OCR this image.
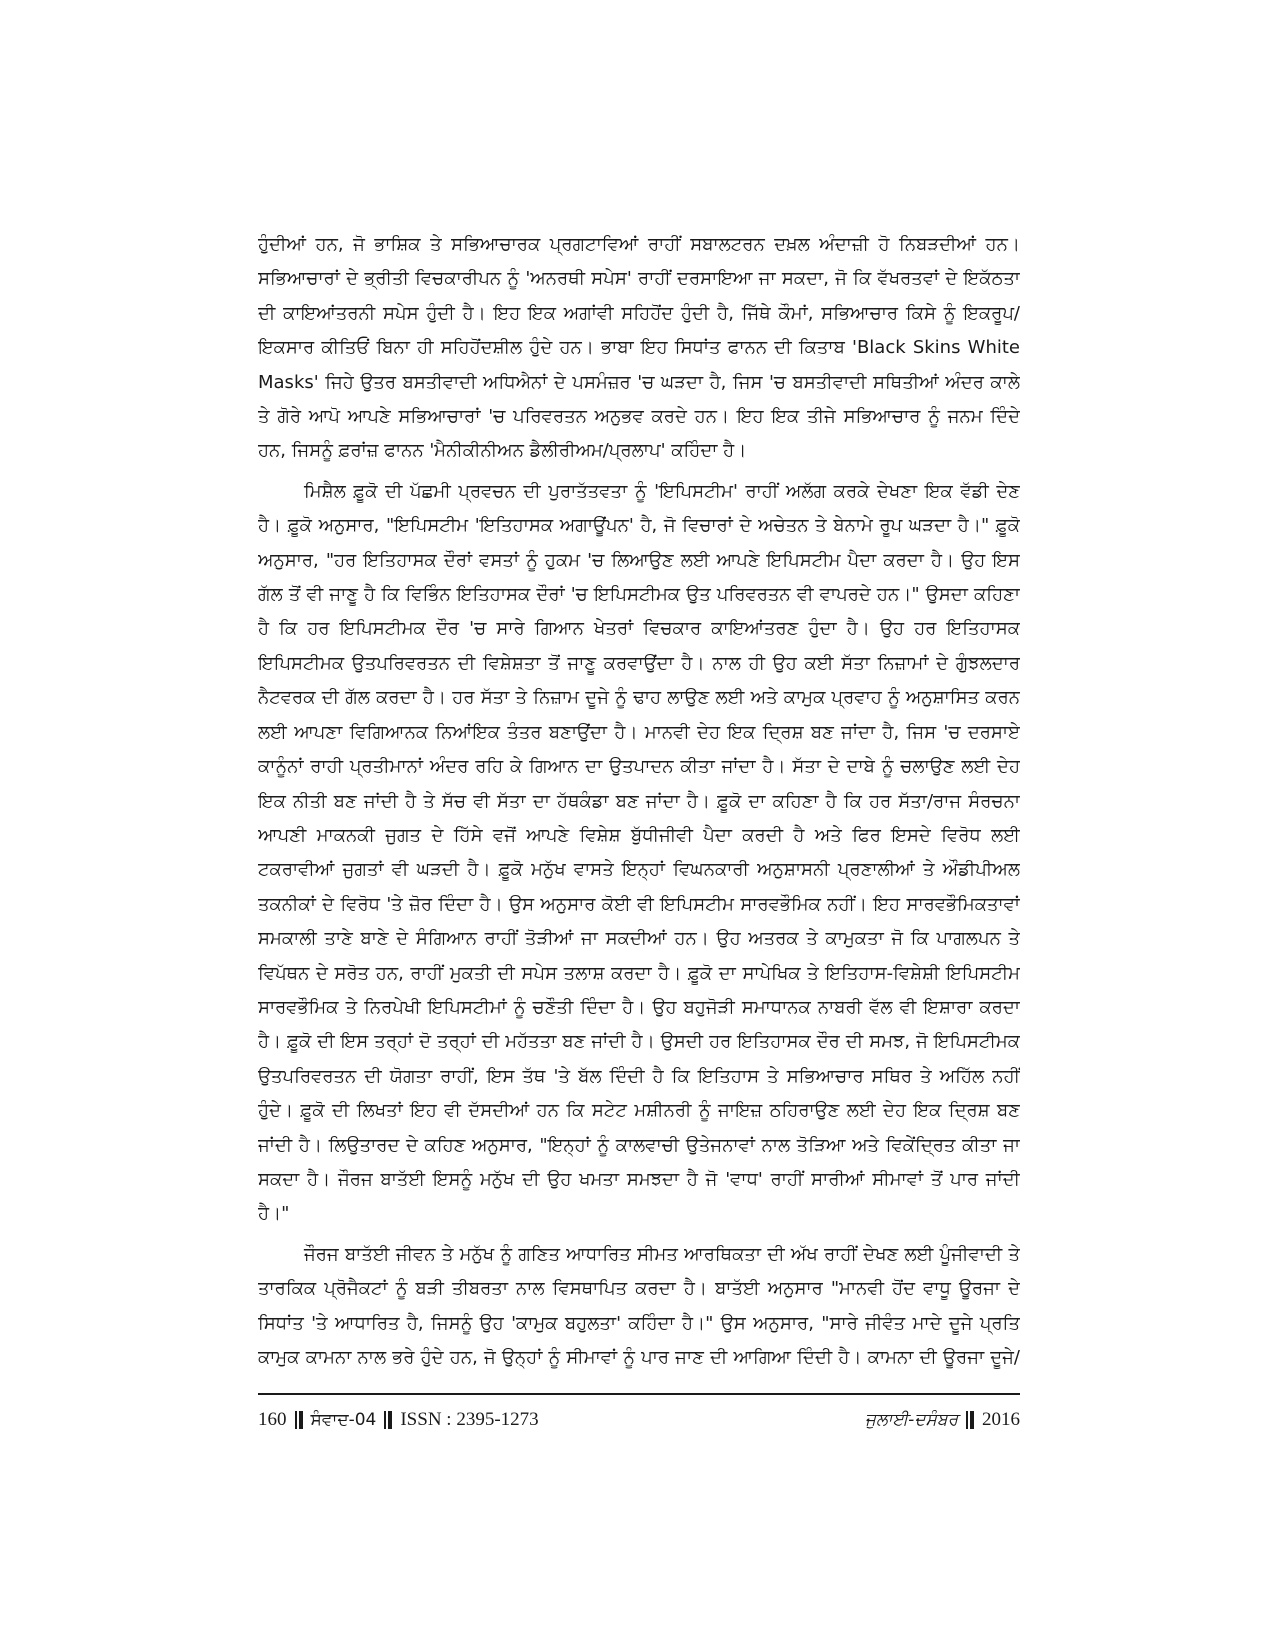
ਹੁੰਦੀਆਂ ਹਨ, ਜੋ ਭਾਸ਼ਿਕ ਤੇ ਸਭਿਆਚਾਰਕ ਪ੍ਰਗਟਾਵਿਆਂ ਰਾਹੀਂ ਸਬਾਲਟਰਨ ਦਖ਼ਲ ਅੰਦਾਜ਼ੀ ਹੋ ਨਿਬੜਦੀਆਂ ਹਨ। ਸਭਿਆਚਾਰਾਂ ਦੇ ਭ੍ਰੀਤੀ ਵਿਚਕਾਰੀਪਨ ਨੂੰ 'ਅਨਰਥੀ ਸਪੇਸ' ਰਾਹੀਂ ਦਰਸਾਇਆ ਜਾ ਸਕਦਾ, ਜੋ ਕਿ ਵੱਖਰਤਵਾਂ ਦੇ ਇਕੱਠਤਾ ਦੀ ਕਾਇਆਂਤਰਨੀ ਸਪੇਸ ਹੁੰਦੀ ਹੈ। ਇਹ ਇਕ ਅਗਾਂਵੀ ਸਹਿਹੋਂਦ ਹੁੰਦੀ ਹੈ, ਜਿੱਥੇ ਕੌਮਾਂ, ਸਭਿਆਚਾਰ ਕਿਸੇ ਨੂੰ ਇਕਰੂਪ/ਇਕਸਾਰ ਕੀਤਿਓਂ ਬਿਨਾ ਹੀ ਸਹਿਹੋਂਦਸ਼ੀਲ ਹੁੰਦੇ ਹਨ। ਭਾਬਾ ਇਹ ਸਿਧਾਂਤ ਫਾਨਨ ਦੀ ਕਿਤਾਬ 'Black Skins White Masks' ਜਿਹੇ ਉਤਰ ਬਸਤੀਵਾਦੀ ਅਧਿਐਨਾਂ ਦੇ ਪਸਮੰਜ਼ਰ 'ਚ ਘੜਦਾ ਹੈ, ਜਿਸ 'ਚ ਬਸਤੀਵਾਦੀ ਸਥਿਤੀਆਂ ਅੰਦਰ ਕਾਲੇ ਤੇ ਗੋਰੇ ਆਪੋ ਆਪਣੇ ਸਭਿਆਚਾਰਾਂ 'ਚ ਪਰਿਵਰਤਨ ਅਨੁਭਵ ਕਰਦੇ ਹਨ। ਇਹ ਇਕ ਤੀਜੇ ਸਭਿਆਚਾਰ ਨੂੰ ਜਨਮ ਦਿੰਦੇ ਹਨ, ਜਿਸਨੂੰ ਫ਼ਰਾਂਜ਼ ਫਾਨਨ 'ਮੈਨੀਕੀਨੀਅਨ ਡੈਲੀਰੀਅਮ/ਪ੍ਰਲਾਪ' ਕਹਿੰਦਾ ਹੈ।

ਮਿਸ਼ੈਲ ਫ਼ੂਕੋ ਦੀ ਪੱਛਮੀ ਪ੍ਰਵਚਨ ਦੀ ਪੁਰਾਤੱਤਵਤਾ ਨੂੰ 'ਇਪਿਸਟੀਮ' ਰਾਹੀਂ ਅਲੱਗ ਕਰਕੇ ਦੇਖਣਾ ਇਕ ਵੱਡੀ ਦੇਣ ਹੈ। ਫ਼ੂਕੋ ਅਨੁਸਾਰ, "ਇਪਿਸਟੀਮ 'ਇਤਿਹਾਸਕ ਅਗਾਊਂਪਨ' ਹੈ, ਜੋ ਵਿਚਾਰਾਂ ਦੇ ਅਚੇਤਨ ਤੇ ਬੇਨਾਮੇ ਰੂਪ ਘੜਦਾ ਹੈ।" ਫ਼ੂਕੋ ਅਨੁਸਾਰ, "ਹਰ ਇਤਿਹਾਸਕ ਦੌਰਾਂ ਵਸਤਾਂ ਨੂੰ ਹੁਕਮ 'ਚ ਲਿਆਉਣ ਲਈ ਆਪਣੇ ਇਪਿਸਟੀਮ ਪੈਦਾ ਕਰਦਾ ਹੈ। ਉਹ ਇਸ ਗੱਲ ਤੋਂ ਵੀ ਜਾਣੂ ਹੈ ਕਿ ਵਿਭਿੰਨ ਇਤਿਹਾਸਕ ਦੌਰਾਂ 'ਚ ਇਪਿਸਟੀਮਕ ਉਤ ਪਰਿਵਰਤਨ ਵੀ ਵਾਪਰਦੇ ਹਨ।" ਉਸਦਾ ਕਹਿਣਾ ਹੈ ਕਿ ਹਰ ਇਪਿਸਟੀਮਕ ਦੌਰ 'ਚ ਸਾਰੇ ਗਿਆਨ ਖੇਤਰਾਂ ਵਿਚਕਾਰ ਕਾਇਆਂਤਰਣ ਹੁੰਦਾ ਹੈ। ਉਹ ਹਰ ਇਤਿਹਾਸਕ ਇਪਿਸਟੀਮਕ ਉਤਪਰਿਵਰਤਨ ਦੀ ਵਿਸ਼ੇਸ਼ਤਾ ਤੋਂ ਜਾਣੂ ਕਰਵਾਉਂਦਾ ਹੈ। ਨਾਲ ਹੀ ਉਹ ਕਈ ਸੱਤਾ ਨਿਜ਼ਾਮਾਂ ਦੇ ਗੁੰਝਲਦਾਰ ਨੈਟਵਰਕ ਦੀ ਗੱਲ ਕਰਦਾ ਹੈ। ਹਰ ਸੱਤਾ ਤੇ ਨਿਜ਼ਾਮ ਦੂਜੇ ਨੂੰ ਢਾਹ ਲਾਉਣ ਲਈ ਅਤੇ ਕਾਮੁਕ ਪ੍ਰਵਾਹ ਨੂੰ ਅਨੁਸ਼ਾਸਿਤ ਕਰਨ ਲਈ ਆਪਣਾ ਵਿਗਿਆਨਕ ਨਿਆਂਇਕ ਤੰਤਰ ਬਣਾਉਂਦਾ ਹੈ। ਮਾਨਵੀ ਦੇਹ ਇਕ ਦ੍ਰਿਸ਼ ਬਣ ਜਾਂਦਾ ਹੈ, ਜਿਸ 'ਚ ਦਰਸਾਏ ਕਾਨੂੰਨਾਂ ਰਾਹੀ ਪ੍ਰਤੀਮਾਨਾਂ ਅੰਦਰ ਰਹਿ ਕੇ ਗਿਆਨ ਦਾ ਉਤਪਾਦਨ ਕੀਤਾ ਜਾਂਦਾ ਹੈ। ਸੱਤਾ ਦੇ ਦਾਬੇ ਨੂੰ ਚਲਾਉਣ ਲਈ ਦੇਹ ਇਕ ਨੀਤੀ ਬਣ ਜਾਂਦੀ ਹੈ ਤੇ ਸੱਚ ਵੀ ਸੱਤਾ ਦਾ ਹੱਥਕੰਡਾ ਬਣ ਜਾਂਦਾ ਹੈ। ਫ਼ੂਕੋ ਦਾ ਕਹਿਣਾ ਹੈ ਕਿ ਹਰ ਸੱਤਾ/ਰਾਜ ਸੰਰਚਨਾ ਆਪਣੀ ਮਾਕਨਕੀ ਜੁਗਤ ਦੇ ਹਿੱਸੇ ਵਜੋਂ ਆਪਣੇ ਵਿਸ਼ੇਸ਼ ਬੁੱਧੀਜੀਵੀ ਪੈਦਾ ਕਰਦੀ ਹੈ ਅਤੇ ਫਿਰ ਇਸਦੇ ਵਿਰੋਧ ਲਈ ਟਕਰਾਵੀਆਂ ਜੁਗਤਾਂ ਵੀ ਘੜਦੀ ਹੈ। ਫ਼ੂਕੋ ਮਨੁੱਖ ਵਾਸਤੇ ਇਨ੍ਹਾਂ ਵਿਘਨਕਾਰੀ ਅਨੁਸ਼ਾਸਨੀ ਪ੍ਰਣਾਲੀਆਂ ਤੇ ਔਡੀਪੀਅਲ ਤਕਨੀਕਾਂ ਦੇ ਵਿਰੋਧ 'ਤੇ ਜ਼ੋਰ ਦਿੰਦਾ ਹੈ। ਉਸ ਅਨੁਸਾਰ ਕੋਈ ਵੀ ਇਪਿਸਟੀਮ ਸਾਰਵਭੌਮਿਕ ਨਹੀਂ। ਇਹ ਸਾਰਵਭੌਮਿਕਤਾਵਾਂ ਸਮਕਾਲੀ ਤਾਣੇ ਬਾਣੇ ਦੇ ਸੰਗਿਆਨ ਰਾਹੀਂ ਤੋੜੀਆਂ ਜਾ ਸਕਦੀਆਂ ਹਨ। ਉਹ ਅਤਰਕ ਤੇ ਕਾਮੁਕਤਾ ਜੋ ਕਿ ਪਾਗਲਪਨ ਤੇ ਵਿਪੱਥਨ ਦੇ ਸਰੋਤ ਹਨ, ਰਾਹੀਂ ਮੁਕਤੀ ਦੀ ਸਪੇਸ ਤਲਾਸ਼ ਕਰਦਾ ਹੈ। ਫ਼ੂਕੋ ਦਾ ਸਾਪੇਖਿਕ ਤੇ ਇਤਿਹਾਸ-ਵਿਸ਼ੇਸ਼ੀ ਇਪਿਸਟੀਮ ਸਾਰਵਭੌਮਿਕ ਤੇ ਨਿਰਪੇਖੀ ਇਪਿਸਟੀਮਾਂ ਨੂੰ ਚਣੌਤੀ ਦਿੰਦਾ ਹੈ। ਉਹ ਬਹੁਜੋੜੀ ਸਮਾਧਾਨਕ ਨਾਬਰੀ ਵੱਲ ਵੀ ਇਸ਼ਾਰਾ ਕਰਦਾ ਹੈ। ਫ਼ੂਕੋ ਦੀ ਇਸ ਤਰ੍ਹਾਂ ਦੋ ਤਰ੍ਹਾਂ ਦੀ ਮਹੱਤਤਾ ਬਣ ਜਾਂਦੀ ਹੈ। ਉਸਦੀ ਹਰ ਇਤਿਹਾਸਕ ਦੌਰ ਦੀ ਸਮਝ, ਜੋ ਇਪਿਸਟੀਮਕ ਉਤਪਰਿਵਰਤਨ ਦੀ ਯੋਗਤਾ ਰਾਹੀਂ, ਇਸ ਤੱਥ 'ਤੇ ਬੱਲ ਦਿੰਦੀ ਹੈ ਕਿ ਇਤਿਹਾਸ ਤੇ ਸਭਿਆਚਾਰ ਸਥਿਰ ਤੇ ਅਹਿੱਲ ਨਹੀਂ ਹੁੰਦੇ। ਫ਼ੂਕੋ ਦੀ ਲਿਖਤਾਂ ਇਹ ਵੀ ਦੱਸਦੀਆਂ ਹਨ ਕਿ ਸਟੇਟ ਮਸ਼ੀਨਰੀ ਨੂੰ ਜਾਇਜ਼ ਠਹਿਰਾਉਣ ਲਈ ਦੇਹ ਇਕ ਦ੍ਰਿਸ਼ ਬਣ ਜਾਂਦੀ ਹੈ। ਲਿਉਤਾਰਦ ਦੇ ਕਹਿਣ ਅਨੁਸਾਰ, "ਇਨ੍ਹਾਂ ਨੂੰ ਕਾਲਵਾਚੀ ਉਤੇਜਨਾਵਾਂ ਨਾਲ ਤੋੜਿਆ ਅਤੇ ਵਿਕੇਂਦ੍ਰਿਤ ਕੀਤਾ ਜਾ ਸਕਦਾ ਹੈ। ਜੌਰਜ ਬਾਤੱਈ ਇਸਨੂੰ ਮਨੁੱਖ ਦੀ ਉਹ ਖਮਤਾ ਸਮਝਦਾ ਹੈ ਜੋ 'ਵਾਧ' ਰਾਹੀਂ ਸਾਰੀਆਂ ਸੀਮਾਵਾਂ ਤੋਂ ਪਾਰ ਜਾਂਦੀ ਹੈ।"

ਜੌਰਜ ਬਾਤੱਈ ਜੀਵਨ ਤੇ ਮਨੁੱਖ ਨੂੰ ਗਣਿਤ ਆਧਾਰਿਤ ਸੀਮਤ ਆਰਥਿਕਤਾ ਦੀ ਅੱਖ ਰਾਹੀਂ ਦੇਖਣ ਲਈ ਪੂੰਜੀਵਾਦੀ ਤੇ ਤਾਰਕਿਕ ਪ੍ਰੋਜੈਕਟਾਂ ਨੂੰ ਬੜੀ ਤੀਬਰਤਾ ਨਾਲ ਵਿਸਥਾਪਿਤ ਕਰਦਾ ਹੈ। ਬਾਤੱਈ ਅਨੁਸਾਰ "ਮਾਨਵੀ ਹੋਂਦ ਵਾਧੂ ਊਰਜਾ ਦੇ ਸਿਧਾਂਤ 'ਤੇ ਆਧਾਰਿਤ ਹੈ, ਜਿਸਨੂੰ ਉਹ 'ਕਾਮੁਕ ਬਹੁਲਤਾ' ਕਹਿੰਦਾ ਹੈ।" ਉਸ ਅਨੁਸਾਰ, "ਸਾਰੇ ਜੀਵੰਤ ਮਾਦੇ ਦੂਜੇ ਪ੍ਰਤਿ ਕਾਮੁਕ ਕਾਮਨਾ ਨਾਲ ਭਰੇ ਹੁੰਦੇ ਹਨ, ਜੋ ਉਨ੍ਹਾਂ ਨੂੰ ਸੀਮਾਵਾਂ ਨੂੰ ਪਾਰ ਜਾਣ ਦੀ ਆਗਿਆ ਦਿੰਦੀ ਹੈ। ਕਾਮਨਾ ਦੀ ਊਰਜਾ ਦੂਜੇ/

160 ਸੰਵਾਦ-04 ISSN : 2395-1273	ਜੁਲਾਈ-ਦਸੰਬਰ 2016
